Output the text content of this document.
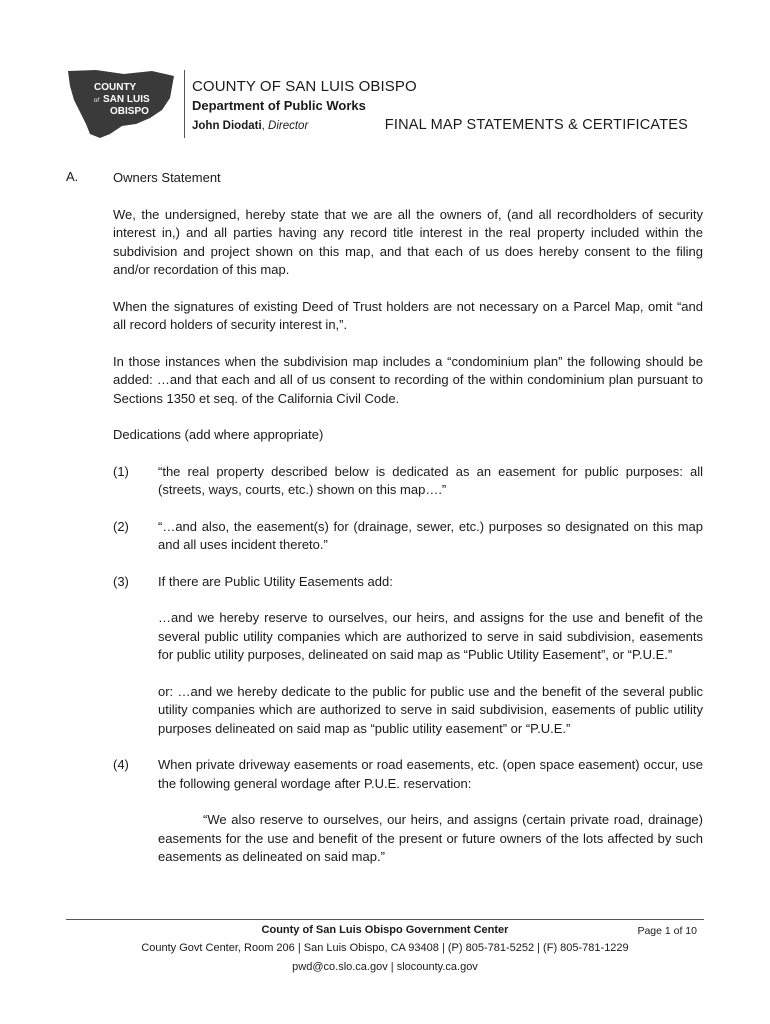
COUNTY
of SAN LUIS
OBISPO
COUNTY OF SAN LUIS OBISPO
Department of Public Works
John Diodati, Director	FINAL MAP STATEMENTS & CERTIFICATES
A.	Owners Statement

We, the undersigned, hereby state that we are all the owners of, (and all recordholders of security interest in,) and all parties having any record title interest in the real property included within the subdivision and project shown on this map, and that each of us does hereby consent to the filing and/or recordation of this map.

When the signatures of existing Deed of Trust holders are not necessary on a Parcel Map, omit “and all record holders of security interest in,”.

In those instances when the subdivision map includes a “condominium plan” the following should be added: …and that each and all of us consent to recording of the within condominium plan pursuant to Sections 1350 et seq. of the California Civil Code.

Dedications (add where appropriate)

(1)	“the real property described below is dedicated as an easement for public purposes: all (streets, ways, courts, etc.) shown on this map….”

(2)	“…and also, the easement(s) for (drainage, sewer, etc.) purposes so designated on this map and all uses incident thereto.”

(3)	If there are Public Utility Easements add:

…and we hereby reserve to ourselves, our heirs, and assigns for the use and benefit of the several public utility companies which are authorized to serve in said subdivision, easements for public utility purposes, delineated on said map as “Public Utility Easement”, or “P.U.E.”

or: …and we hereby dedicate to the public for public use and the benefit of the several public utility companies which are authorized to serve in said subdivision, easements of public utility purposes delineated on said map as “public utility easement” or “P.U.E.”

(4)	When private driveway easements or road easements, etc. (open space easement) occur, use the following general wordage after P.U.E. reservation:

“We also reserve to ourselves, our heirs, and assigns (certain private road, drainage) easements for the use and benefit of the present or future owners of the lots affected by such easements as delineated on said map.”

County of San Luis Obispo Government Center	Page 1 of 10
County Govt Center, Room 206 | San Luis Obispo, CA 93408 | (P) 805-781-5252 | (F) 805-781-1229
pwd@co.slo.ca.gov | slocounty.ca.gov
